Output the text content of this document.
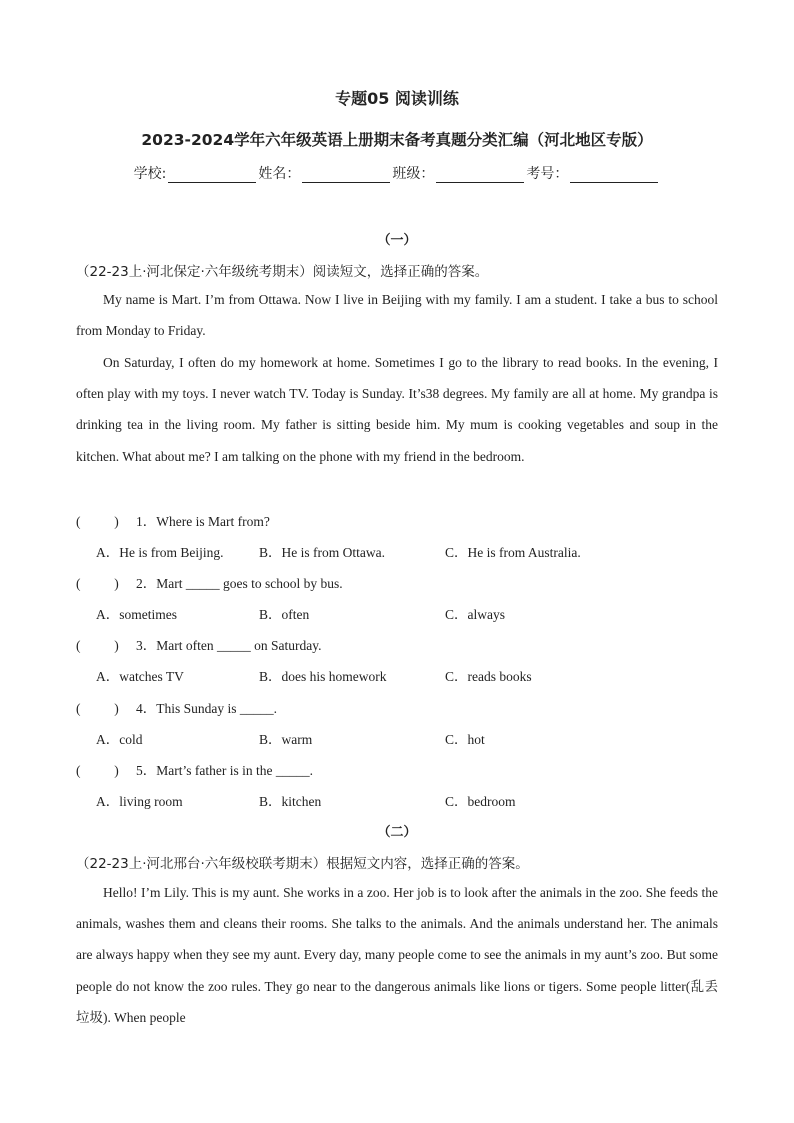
专题05 阅读训练
2023-2024学年六年级英语上册期末备考真题分类汇编（河北地区专版）
学校:	姓名：	班级：	考号：
（一）
（22-23上·河北保定·六年级统考期末）阅读短文，选择正确的答案。
My name is Mart. I’m from Ottawa. Now I live in Beijing with my family. I am a student. I take a bus to school from Monday to Friday.
On Saturday, I often do my homework at home. Sometimes I go to the library to read books. In the evening, I often play with my toys. I never watch TV. Today is Sunday. It’s38 degrees. My family are all at home. My grandpa is drinking tea in the living room. My father is sitting beside him. My mum is cooking vegetables and soup in the kitchen. What about me? I am talking on the phone with my friend in the bedroom.
(          ) 1．Where is Mart from?
A．He is from Beijing.	B．He is from Ottawa.	C．He is from Australia.
(          ) 2．Mart _____ goes to school by bus.
A．sometimes	B．often	C．always
(          ) 3．Mart often _____ on Saturday.
A．watches TV	B．does his homework	C．reads books
(          ) 4．This Sunday is _____.
A．cold	B．warm	C．hot
(          ) 5．Mart’s father is in the _____.
A．living room	B．kitchen	C．bedroom
（二）
（22-23上·河北邢台·六年级校联考期末）根据短文内容，选择正确的答案。
Hello! I’m Lily. This is my aunt. She works in a zoo. Her job is to look after the animals in the zoo. She feeds the animals, washes them and cleans their rooms. She talks to the animals. And the animals understand her. The animals are always happy when they see my aunt. Every day, many people come to see the animals in my aunt’s zoo. But some people do not know the zoo rules. They go near to the dangerous animals like lions or tigers. Some people litter(乱丢垃圾). When people
